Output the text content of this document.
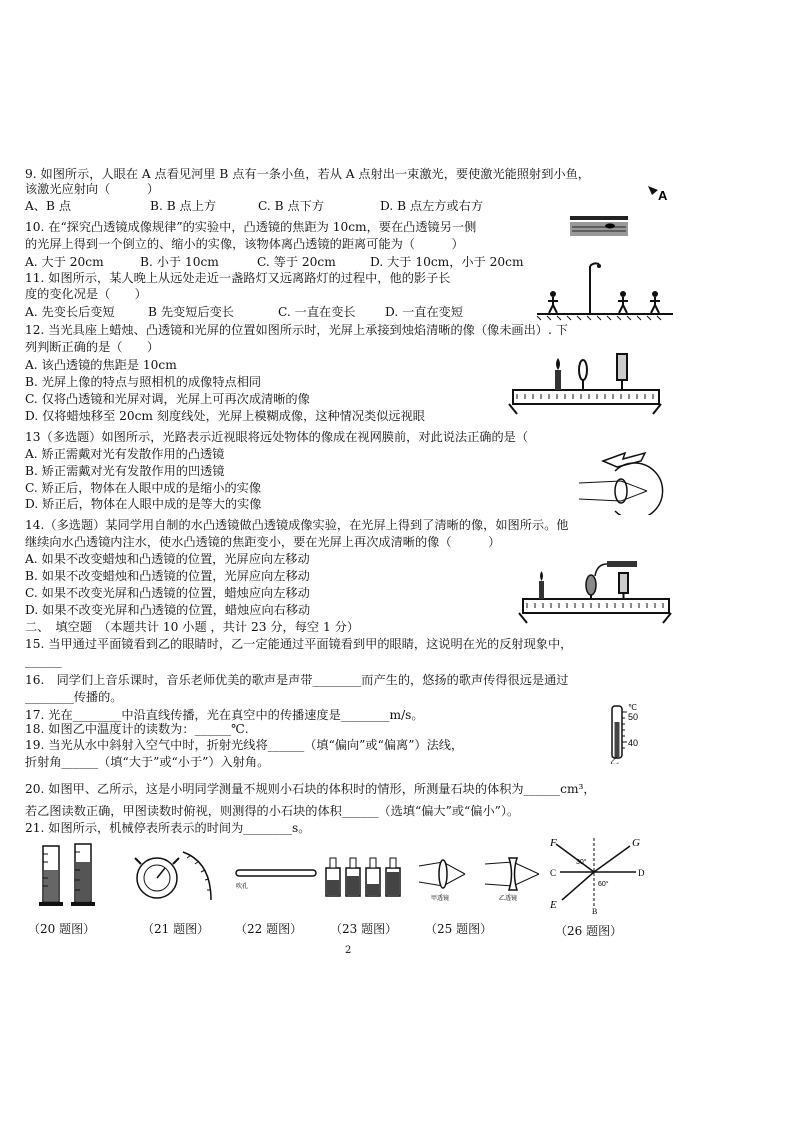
9. 如图所示，人眼在 A 点看见河里 B 点有一条小鱼，若从 A 点射出一束激光，要使激光能照射到小鱼，
该激光应射向（　　　）
A、B 点	B. B 点上方	C. B 点下方	D. B 点左方或右方
A
10. 在“探究凸透镜成像规律”的实验中，凸透镜的焦距为 10cm，要在凸透镜另一侧
的光屏上得到一个倒立的、缩小的实像，该物体离凸透镜的距离可能为（　　　）
A. 大于 20cm	B. 小于 10cm	C. 等于 20cm	D. 大于 10cm，小于 20cm
11. 如图所示，某人晚上从远处走近一盏路灯又远离路灯的过程中，他的影子长
度的变化况是（　　）
A. 先变长后变短	B 先变短后变长	C. 一直在变长 D. 一直在变短
12. 当光具座上蜡烛、凸透镜和光屏的位置如图所示时，光屏上承接到烛焰清晰的像（像未画出）. 下
列判断正确的是（　　）
A. 该凸透镜的焦距是 10cm
B. 光屏上像的特点与照相机的成像特点相同
C. 仅将凸透镜和光屏对调，光屏上可再次成清晰的像
D. 仅将蜡烛移至 20cm 刻度线处，光屏上模糊成像，这种情况类似远视眼
13（多选题）如图所示，光路表示近视眼将远处物体的像成在视网膜前，对此说法正确的是（
A. 矫正需戴对光有发散作用的凸透镜
B. 矫正需戴对光有发散作用的凹透镜
C. 矫正后，物体在人眼中成的是缩小的实像
D. 矫正后，物体在人眼中成的是等大的实像
14.（多选题）某同学用自制的水凸透镜做凸透镜成像实验，在光屏上得到了清晰的像，如图所示。他
继续向水凸透镜内注水，使水凸透镜的焦距变小，要在光屏上再次成清晰的像（　　　）
A. 如果不改变蜡烛和凸透镜的位置，光屏应向左移动
B. 如果不改变蜡烛和凸透镜的位置，光屏应向左移动
C. 如果不改变光屏和凸透镜的位置，蜡烛应向左移动
D. 如果不改变光屏和凸透镜的位置，蜡烛应向右移动
二、　填空题　（本题共计 10 小题 ，共计 23 分，每空 1 分）
15. 当甲通过平面镜看到乙的眼睛时，乙一定能通过平面镜看到甲的眼睛，这说明在光的反射现象中，
______
16.　同学们上音乐课时，音乐老师优美的歌声是声带________而产生的，悠扬的歌声传得很远是通过
________传播的。
17. 光在________中沿直线传播，光在真空中的传播速度是________m/s。
18. 如图乙中温度计的读数为：______℃.
19. 当光从水中斜射入空气中时，折射光线将______（填“偏向”或“偏离”）法线，
折射角______（填“大于”或“小于”）入射角。
℃
50
40
乙
20. 如图甲、乙所示，这是小明同学测量不规则小石块的体积时的情形，所测量石块的体积为______cm³，
若乙图读数正确，甲图读数时俯视，则测得的小石块的体积______（选填“偏大”或“偏小”）。
21. 如图所示，机械停表所表示的时间为________s。
吹孔
甲透镜	乙透镜
F	G
E
C	D
B
30°
60°
（20 题图）	（21 题图） （22 题图） （23 题图） （25 题图）	（26 题图）
2
